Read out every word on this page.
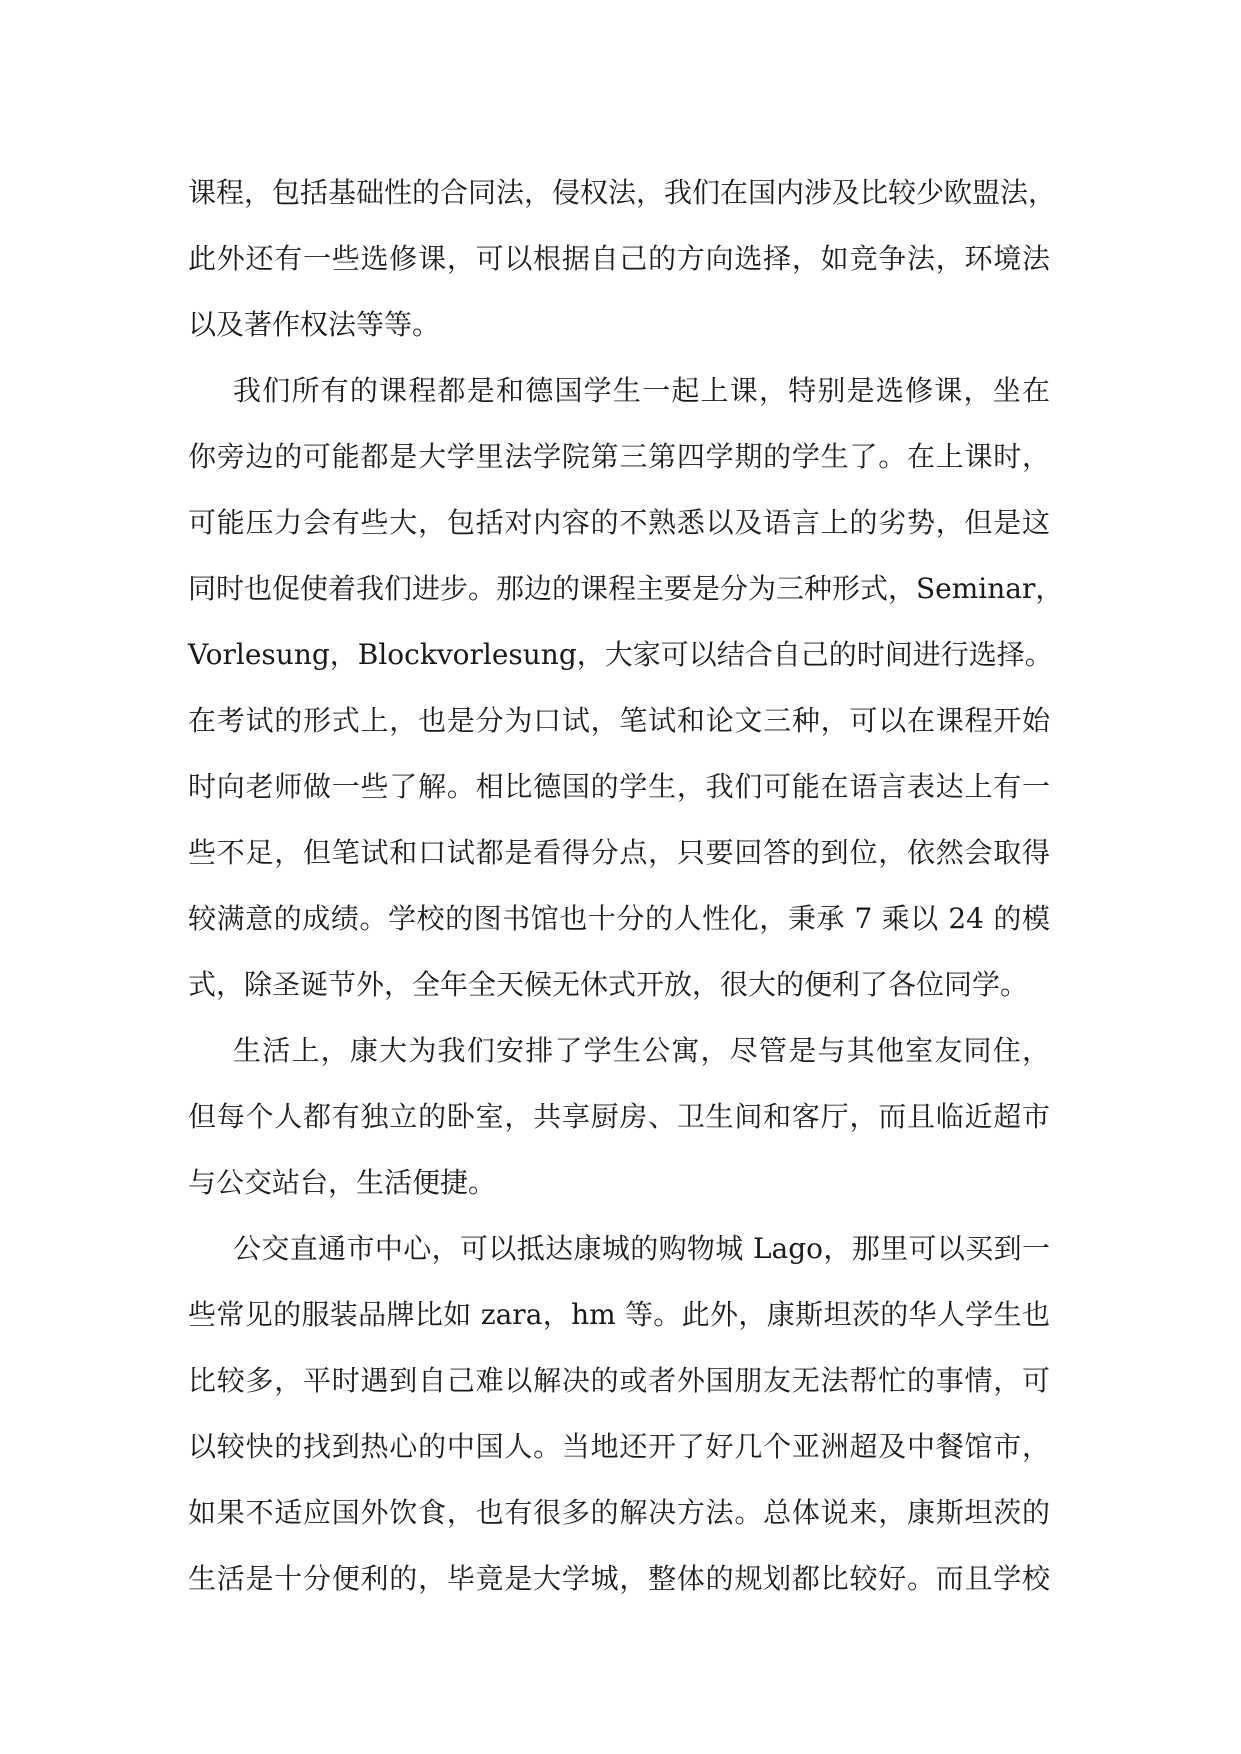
课程，包括基础性的合同法，侵权法，我们在国内涉及比较少欧盟法，
此外还有一些选修课，可以根据自己的方向选择，如竞争法，环境法
以及著作权法等等。
我们所有的课程都是和德国学生一起上课，特别是选修课，坐在
你旁边的可能都是大学里法学院第三第四学期的学生了。在上课时，
可能压力会有些大，包括对内容的不熟悉以及语言上的劣势，但是这
同时也促使着我们进步。那边的课程主要是分为三种形式，Seminar，
Vorlesung，Blockvorlesung，大家可以结合自己的时间进行选择。
在考试的形式上，也是分为口试，笔试和论文三种，可以在课程开始
时向老师做一些了解。相比德国的学生，我们可能在语言表达上有一
些不足，但笔试和口试都是看得分点，只要回答的到位，依然会取得
较满意的成绩。学校的图书馆也十分的人性化，秉承 7 乘以 24 的模
式，除圣诞节外，全年全天候无休式开放，很大的便利了各位同学。
生活上，康大为我们安排了学生公寓，尽管是与其他室友同住，
但每个人都有独立的卧室，共享厨房、卫生间和客厅，而且临近超市
与公交站台，生活便捷。
公交直通市中心，可以抵达康城的购物城 Lago，那里可以买到一
些常见的服装品牌比如 zara，hm 等。此外，康斯坦茨的华人学生也
比较多，平时遇到自己难以解决的或者外国朋友无法帮忙的事情，可
以较快的找到热心的中国人。当地还开了好几个亚洲超及中餐馆市，
如果不适应国外饮食，也有很多的解决方法。总体说来，康斯坦茨的
生活是十分便利的，毕竟是大学城，整体的规划都比较好。而且学校
